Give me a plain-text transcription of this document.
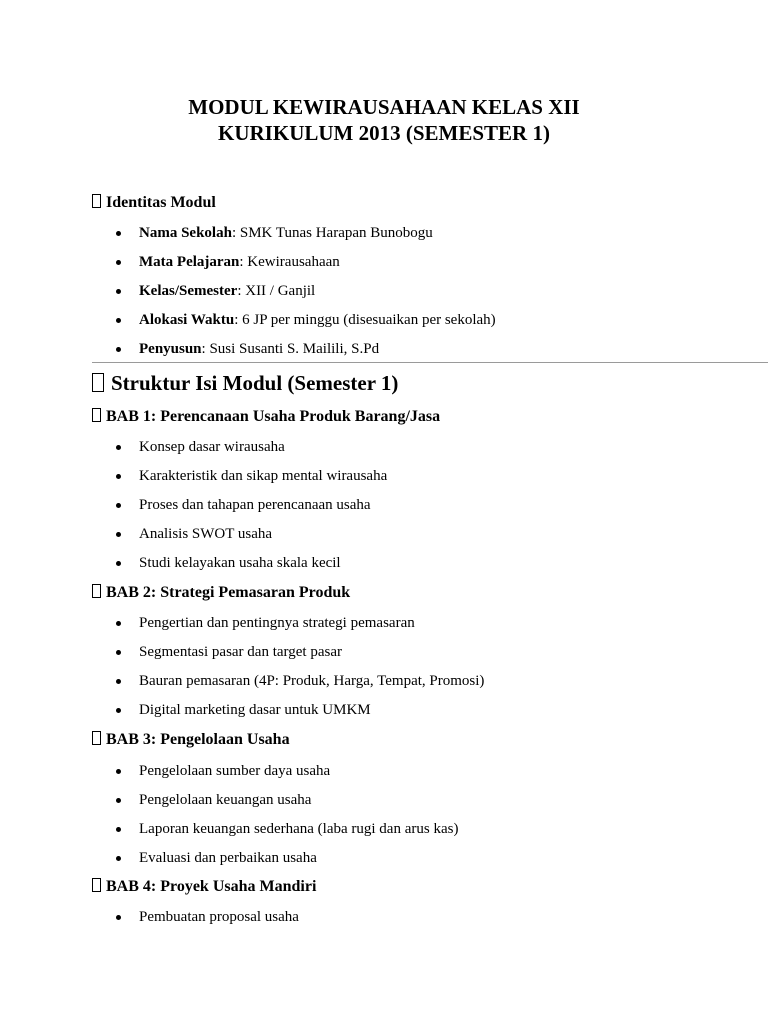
MODUL KEWIRAUSAHAAN KELAS XII
KURIKULUM 2013 (SEMESTER 1)
Identitas Modul
Nama Sekolah: SMK Tunas Harapan Bunobogu
Mata Pelajaran: Kewirausahaan
Kelas/Semester: XII / Ganjil
Alokasi Waktu: 6 JP per minggu (disesuaikan per sekolah)
Penyusun: Susi Susanti S. Mailili, S.Pd
Struktur Isi Modul (Semester 1)
BAB 1: Perencanaan Usaha Produk Barang/Jasa
Konsep dasar wirausaha
Karakteristik dan sikap mental wirausaha
Proses dan tahapan perencanaan usaha
Analisis SWOT usaha
Studi kelayakan usaha skala kecil
BAB 2: Strategi Pemasaran Produk
Pengertian dan pentingnya strategi pemasaran
Segmentasi pasar dan target pasar
Bauran pemasaran (4P: Produk, Harga, Tempat, Promosi)
Digital marketing dasar untuk UMKM
BAB 3: Pengelolaan Usaha
Pengelolaan sumber daya usaha
Pengelolaan keuangan usaha
Laporan keuangan sederhana (laba rugi dan arus kas)
Evaluasi dan perbaikan usaha
BAB 4: Proyek Usaha Mandiri
Pembuatan proposal usaha
